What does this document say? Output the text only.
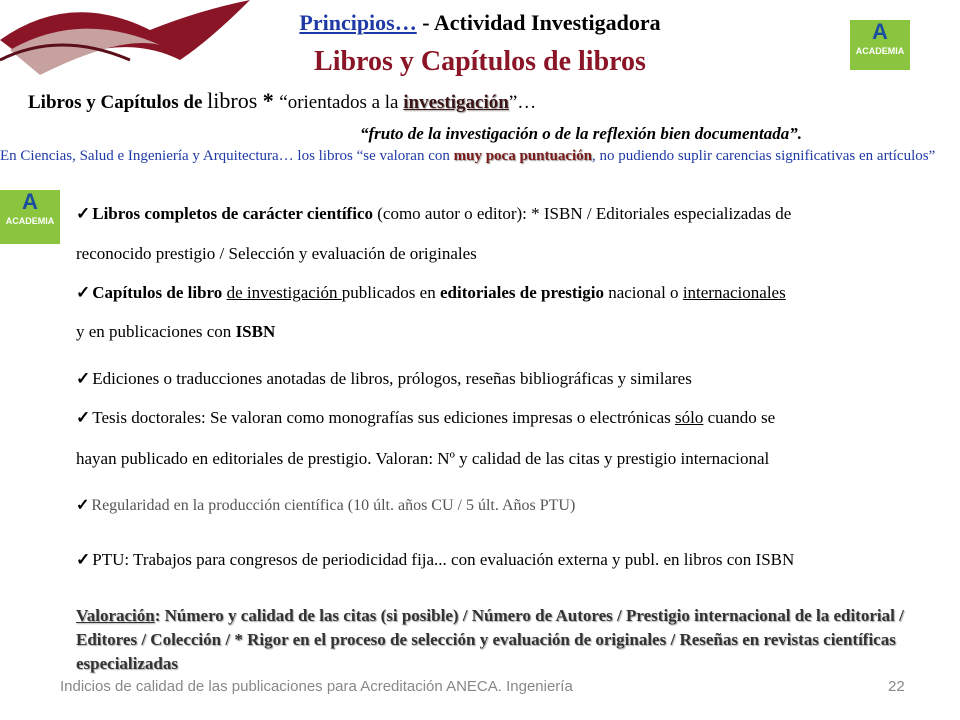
Principios… - Actividad Investigadora
Libros y Capítulos de libros
A
ACADEMIA
Libros y Capítulos de libros * “orientados a la investigación”…
“fruto de la investigación o de la reflexión bien documentada”.
En Ciencias, Salud e Ingeniería y Arquitectura… los libros “se valoran con muy poca puntuación, no pudiendo suplir carencias significativas en artículos”
A
ACADEMIA	✓ Libros completos de carácter científico (como autor o editor): * ISBN / Editoriales especializadas de
reconocido prestigio / Selección y evaluación de originales
✓ Capítulos de libro de investigación publicados en editoriales de prestigio nacional o internacionales
y en publicaciones con ISBN
✓ Ediciones o traducciones anotadas de libros, prólogos, reseñas bibliográficas y similares
✓ Tesis doctorales: Se valoran como monografías sus ediciones impresas o electrónicas sólo cuando se
hayan publicado en editoriales de prestigio. Valoran: Nº y calidad de las citas y prestigio internacional
✓ Regularidad en la producción científica (10 últ. años CU / 5 últ. Años PTU)
✓ PTU: Trabajos para congresos de periodicidad fija... con evaluación externa y publ. en libros con ISBN
Valoración: Número y calidad de las citas (si posible) / Número de Autores / Prestigio internacional de la editorial / Editores / Colección / * Rigor en el proceso de selección y evaluación de originales / Reseñas en revistas científicas especializadas
Indicios de calidad de las publicaciones para Acreditación ANECA. Ingeniería	22
